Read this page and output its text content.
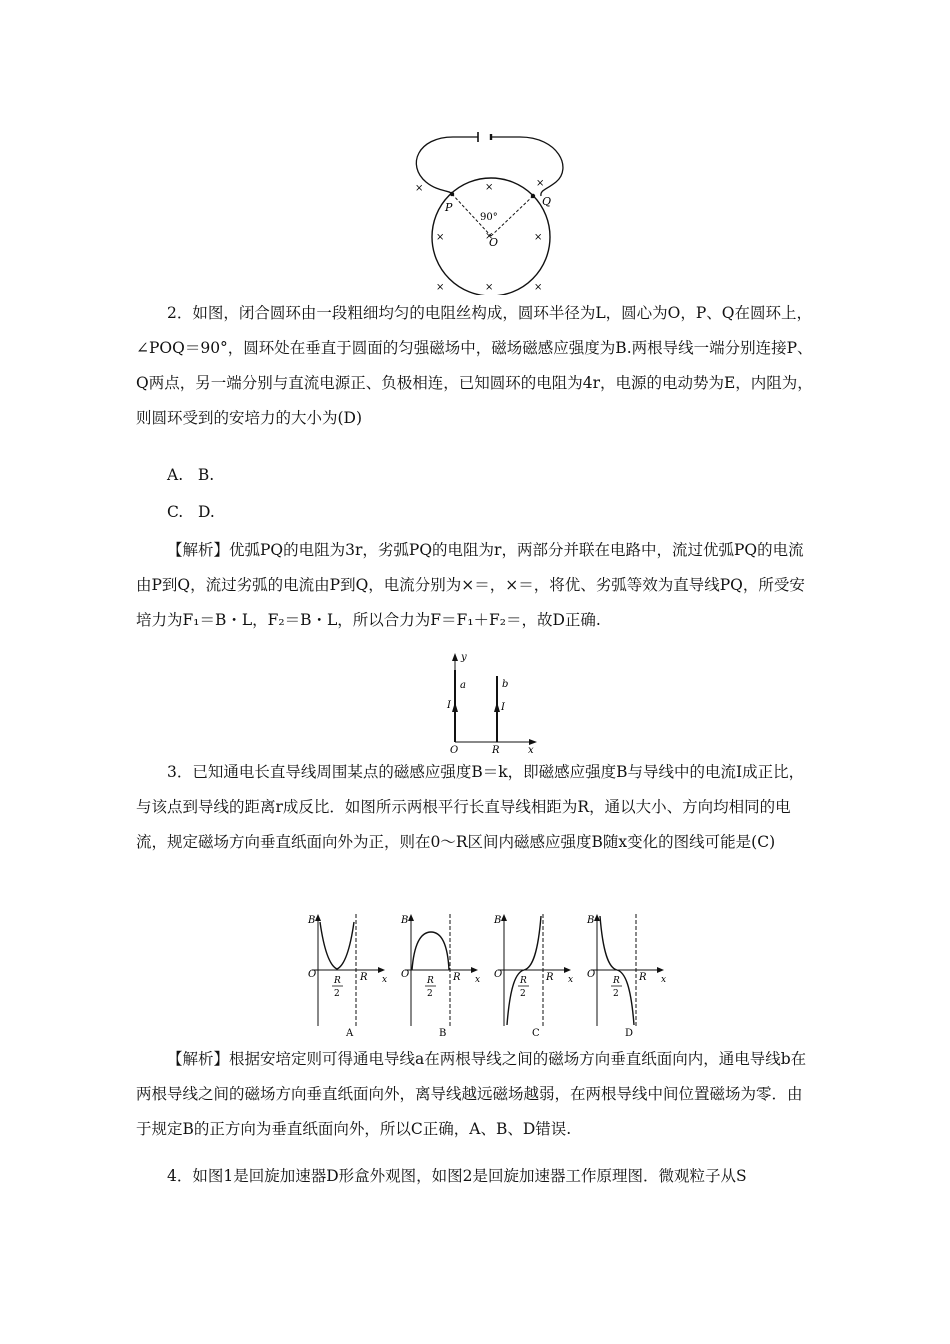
P	Q
O
90°
×	×	×
×	×	×
×	×	×

2．如图，闭合圆环由一段粗细均匀的电阻丝构成，圆环半径为L，圆心为O，P、Q在圆环上，∠POQ＝90°，圆环处在垂直于圆面的匀强磁场中，磁场磁感应强度为B.两根导线一端分别连接P、Q两点，另一端分别与直流电源正、负极相连，已知圆环的电阻为4r，电源的电动势为E，内阻为，则圆环受到的安培力的大小为(D)

A.   B.

C.   D.

【解析】优弧PQ的电阻为3r，劣弧PQ的电阻为r，两部分并联在电路中，流过优弧PQ的电流由P到Q，流过劣弧的电流由P到Q，电流分别为×＝，×＝，将优、劣弧等效为直导线PQ，所受安培力为F₁＝B・L，F₂＝B・L，所以合力为F＝F₁＋F₂＝，故D正确.

y
x
O
a	b
I	I
R

3．已知通电长直导线周围某点的磁感应强度B＝k，即磁感应强度B与导线中的电流I成正比，与该点到导线的距离r成反比．如图所示两根平行长直导线相距为R，通以大小、方向均相同的电流，规定磁场方向垂直纸面向外为正，则在0～R区间内磁感应强度B随x变化的图线可能是(C)

B
O	x
R
2
R
A
B
O	x
R
2
R
B
B
O	x
R
2
R
C
B
O	x
R
2
R
D

【解析】根据安培定则可得通电导线a在两根导线之间的磁场方向垂直纸面向内，通电导线b在两根导线之间的磁场方向垂直纸面向外，离导线越远磁场越弱，在两根导线中间位置磁场为零．由于规定B的正方向为垂直纸面向外，所以C正确，A、B、D错误.

4．如图1是回旋加速器D形盒外观图，如图2是回旋加速器工作原理图．微观粒子从S
